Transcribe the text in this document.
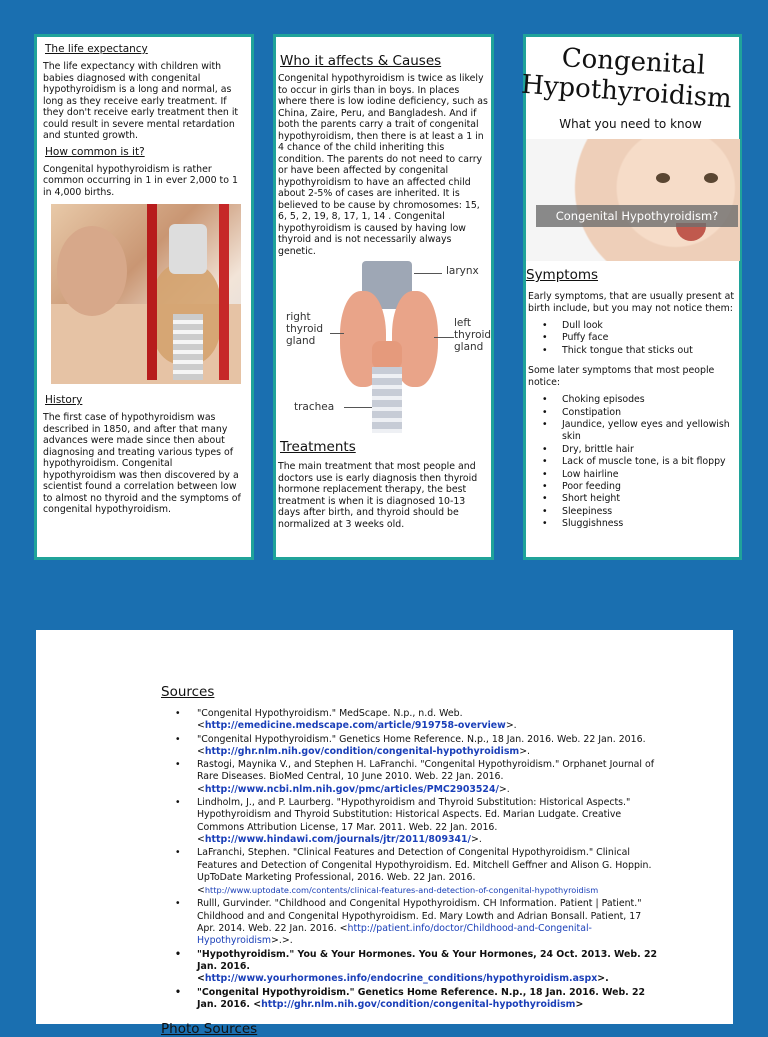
The life expectancy

The life expectancy with children with babies diagnosed with congenital hypothyroidism is a long and normal, as long as they receive early treatment. If they don't receive early treatment then it could result in severe mental retardation and stunted growth.

How common is it?

Congenital hypothyroidism is rather common occurring in 1 in ever 2,000 to 1 in 4,000 births.

History

The first case of hypothyroidism was described in 1850, and after that many advances were made since then about diagnosing and treating various types of hypothyroidism. Congenital hypothyroidism was then discovered by a scientist found a correlation between low to almost no thyroid and the symptoms of congenital hypothyroidism.

Who it affects & Causes

Congenital hypothyroidism is twice as likely to occur in girls than in boys. In places where there is low iodine deficiency, such as China, Zaire, Peru, and Bangladesh. And if both the parents carry a trait of congenital hypothyroidism, then there is at least a 1 in 4 chance of the child inheriting this condition. The parents do not need to carry or have been affected by congenital hypothyroidism to have an affected child about 2-5% of cases are inherited. It is believed to be cause by chromosomes: 15, 6, 5, 2, 19, 8, 17, 1, 14 . Congenital hypothyroidism is caused by having low thyroid and is not necessarily always genetic.

larynx
right thyroid gland
left thyroid gland
trachea
Treatments

The main treatment that most people and doctors use is early diagnosis then thyroid hormone replacement therapy, the best treatment is when it is diagnosed 10-13 days after birth, and thyroid should be normalized at 3 weeks old.

Congenital
Hypothyroidism
What you need to know
Congenital Hypothyroidism?
Symptoms

Early symptoms, that are usually present at birth include, but you may not notice them:

• Dull look
• Puffy face
• Thick tongue that sticks out

Some later symptoms that most people notice:

• Choking episodes
• Constipation
• Jaundice, yellow eyes and yellowish skin
• Dry, brittle hair
• Lack of muscle tone, is a bit floppy
• Low hairline
• Poor feeding
• Short height
• Sleepiness
• Sluggishness
Sources
• "Congenital Hypothyroidism." MedScape. N.p., n.d. Web. <http://emedicine.medscape.com/article/919758-overview>.
• "Congenital Hypothyroidism." Genetics Home Reference. N.p., 18 Jan. 2016. Web. 22 Jan. 2016. <http://ghr.nlm.nih.gov/condition/congenital-hypothyroidism>.
• Rastogi, Maynika V., and Stephen H. LaFranchi. "Congenital Hypothyroidism." Orphanet Journal of Rare Diseases. BioMed Central, 10 June 2010. Web. 22 Jan. 2016. <http://www.ncbi.nlm.nih.gov/pmc/articles/PMC2903524/>.
• Lindholm, J., and P. Laurberg. "Hypothyroidism and Thyroid Substitution: Historical Aspects." Hypothyroidism and Thyroid Substitution: Historical Aspects. Ed. Marian Ludgate. Creative Commons Attribution License, 17 Mar. 2011. Web. 22 Jan. 2016. <http://www.hindawi.com/journals/jtr/2011/809341/>.
• LaFranchi, Stephen. "Clinical Features and Detection of Congenital Hypothyroidism." Clinical Features and Detection of Congenital Hypothyroidism. Ed. Mitchell Geffner and Alison G. Hoppin. UpToDate Marketing Professional, 2016. Web. 22 Jan. 2016. <http://www.uptodate.com/contents/clinical-features-and-detection-of-congenital-hypothyroidism
• Rulll, Gurvinder. "Childhood and Congenital Hypothyroidism. CH Information. Patient | Patient." Childhood and and Congenital Hypothyroidism. Ed. Mary Lowth and Adrian Bonsall. Patient, 17 Apr. 2014. Web. 22 Jan. 2016. <http://patient.info/doctor/Childhood-and-Congenital-Hypothyroidism>.>.
• "Hypothyroidism." You & Your Hormones. You & Your Hormones, 24 Oct. 2013. Web. 22 Jan. 2016. <http://www.yourhormones.info/endocrine_conditions/hypothyroidism.aspx>.
• "Congenital Hypothyroidism." Genetics Home Reference. N.p., 18 Jan. 2016. Web. 22 Jan. 2016. <http://ghr.nlm.nih.gov/condition/congenital-hypothyroidism>
Photo Sources
